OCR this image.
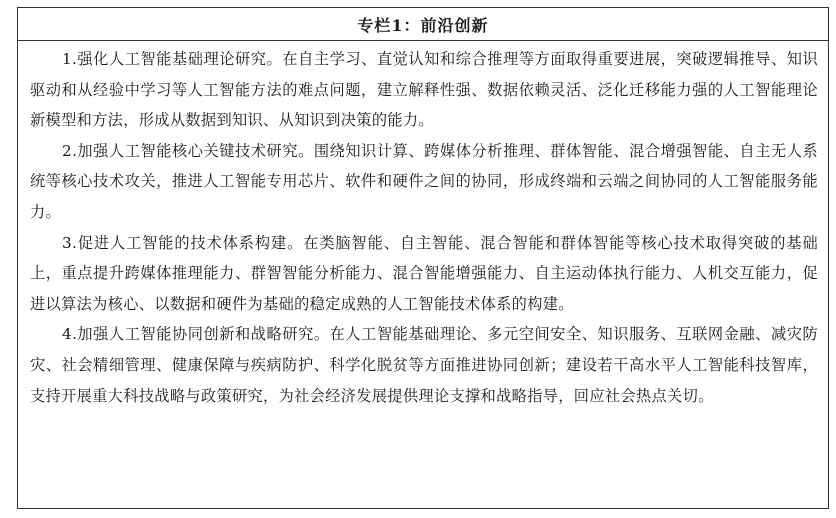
专栏1：前沿创新

1.强化人工智能基础理论研究。在自主学习、直觉认知和综合推理等方面取得重要进展，突破逻辑推导、知识驱动和从经验中学习等人工智能方法的难点问题，建立解释性强、数据依赖灵活、泛化迁移能力强的人工智能理论新模型和方法，形成从数据到知识、从知识到决策的能力。

2.加强人工智能核心关键技术研究。围绕知识计算、跨媒体分析推理、群体智能、混合增强智能、自主无人系统等核心技术攻关，推进人工智能专用芯片、软件和硬件之间的协同，形成终端和云端之间协同的人工智能服务能力。

3.促进人工智能的技术体系构建。在类脑智能、自主智能、混合智能和群体智能等核心技术取得突破的基础上，重点提升跨媒体推理能力、群智智能分析能力、混合智能增强能力、自主运动体执行能力、人机交互能力，促进以算法为核心、以数据和硬件为基础的稳定成熟的人工智能技术体系的构建。

4.加强人工智能协同创新和战略研究。在人工智能基础理论、多元空间安全、知识服务、互联网金融、减灾防灾、社会精细管理、健康保障与疾病防护、科学化脱贫等方面推进协同创新；建设若干高水平人工智能科技智库，支持开展重大科技战略与政策研究，为社会经济发展提供理论支撑和战略指导，回应社会热点关切。
